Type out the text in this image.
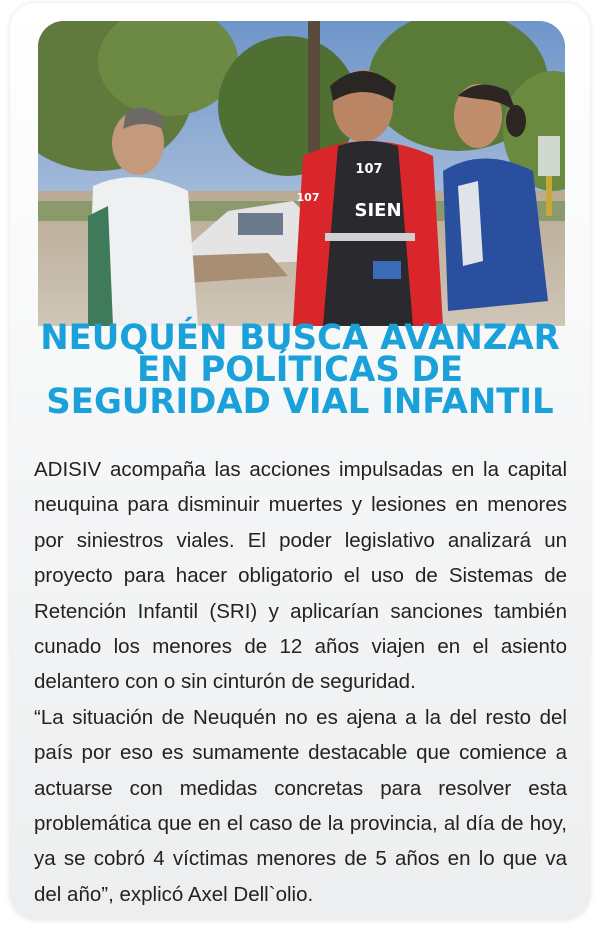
107
SIEN
107
NEUQUÉN BUSCA AVANZAR
EN POLÍTICAS DE
SEGURIDAD VIAL INFANTIL

ADISIV acompaña las acciones impulsadas en la capital neuquina para disminuir muertes y lesiones en menores por siniestros viales. El poder legislativo analizará un proyecto para hacer obligatorio el uso de Sistemas de Retención Infantil (SRI) y aplicarían sanciones también cunado los menores de 12 años viajen en el asiento delantero con o sin cinturón de seguridad.

“La situación de Neuquén no es ajena a la del resto del país por eso es sumamente destacable que comience a actuarse con medidas concretas para resolver esta problemática que en el caso de la provincia, al día de hoy, ya se cobró 4 víctimas menores de 5 años en lo que va del año”, explicó Axel Dell`olio.
